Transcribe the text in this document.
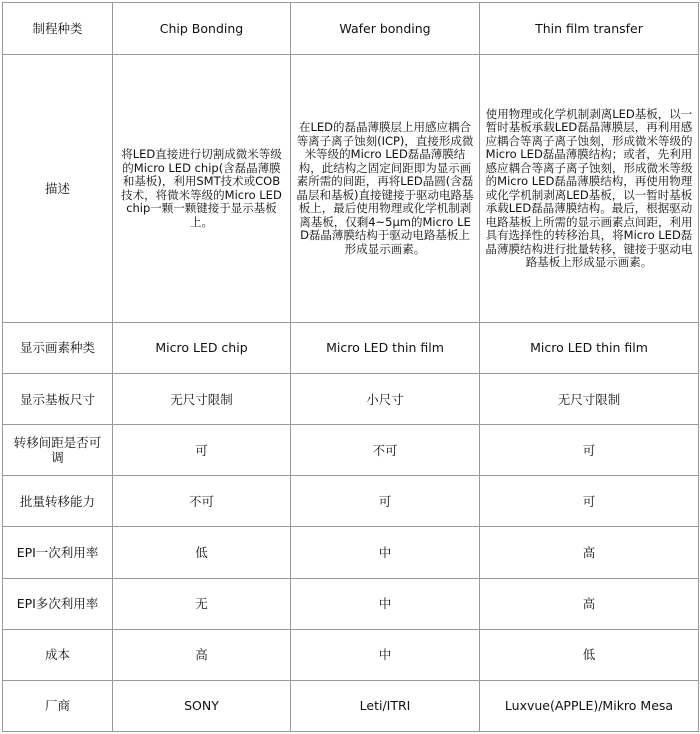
制程种类	Chip Bonding	Wafer bonding	Thin film transfer
描述	将LED直接进行切割成微米等级的Micro LED chip(含磊晶薄膜和基板)，利用SMT技术或COB技术，将微米等级的Micro LED chip一颗一颗键接于显示基板上。	在LED的磊晶薄膜层上用感应耦合等离子离子蚀刻(ICP)，直接形成微米等级的Micro LED磊晶薄膜结构，此结构之固定间距即为显示画素所需的间距，再将LED晶圆(含磊晶层和基板)直接键接于驱动电路基板上，最后使用物理或化学机制剥离基板，仅剩4~5μm的Micro LED磊晶薄膜结构于驱动电路基板上形成显示画素。	使用物理或化学机制剥离LED基板，以一暂时基板承载LED磊晶薄膜层，再利用感应耦合等离子离子蚀刻，形成微米等级的Micro LED磊晶薄膜结构；或者，先利用感应耦合等离子离子蚀刻，形成微米等级的Micro LED磊晶薄膜结构，再使用物理或化学机制剥离LED基板，以一暂时基板承载LED磊晶薄膜结构。最后，根据驱动电路基板上所需的显示画素点间距，利用具有选择性的转移治具，将Micro LED磊晶薄膜结构进行批量转移，键接于驱动电路基板上形成显示画素。
显示画素种类	Micro LED chip	Micro LED thin film	Micro LED thin film
显示基板尺寸	无尺寸限制	小尺寸	无尺寸限制
转移间距是否可调	可	不可	可
批量转移能力	不可	可	可
EPI一次利用率	低	中	高
EPI多次利用率	无	中	高
成本	高	中	低
厂商	SONY	Leti/ITRI	Luxvue(APPLE)/Mikro Mesa
